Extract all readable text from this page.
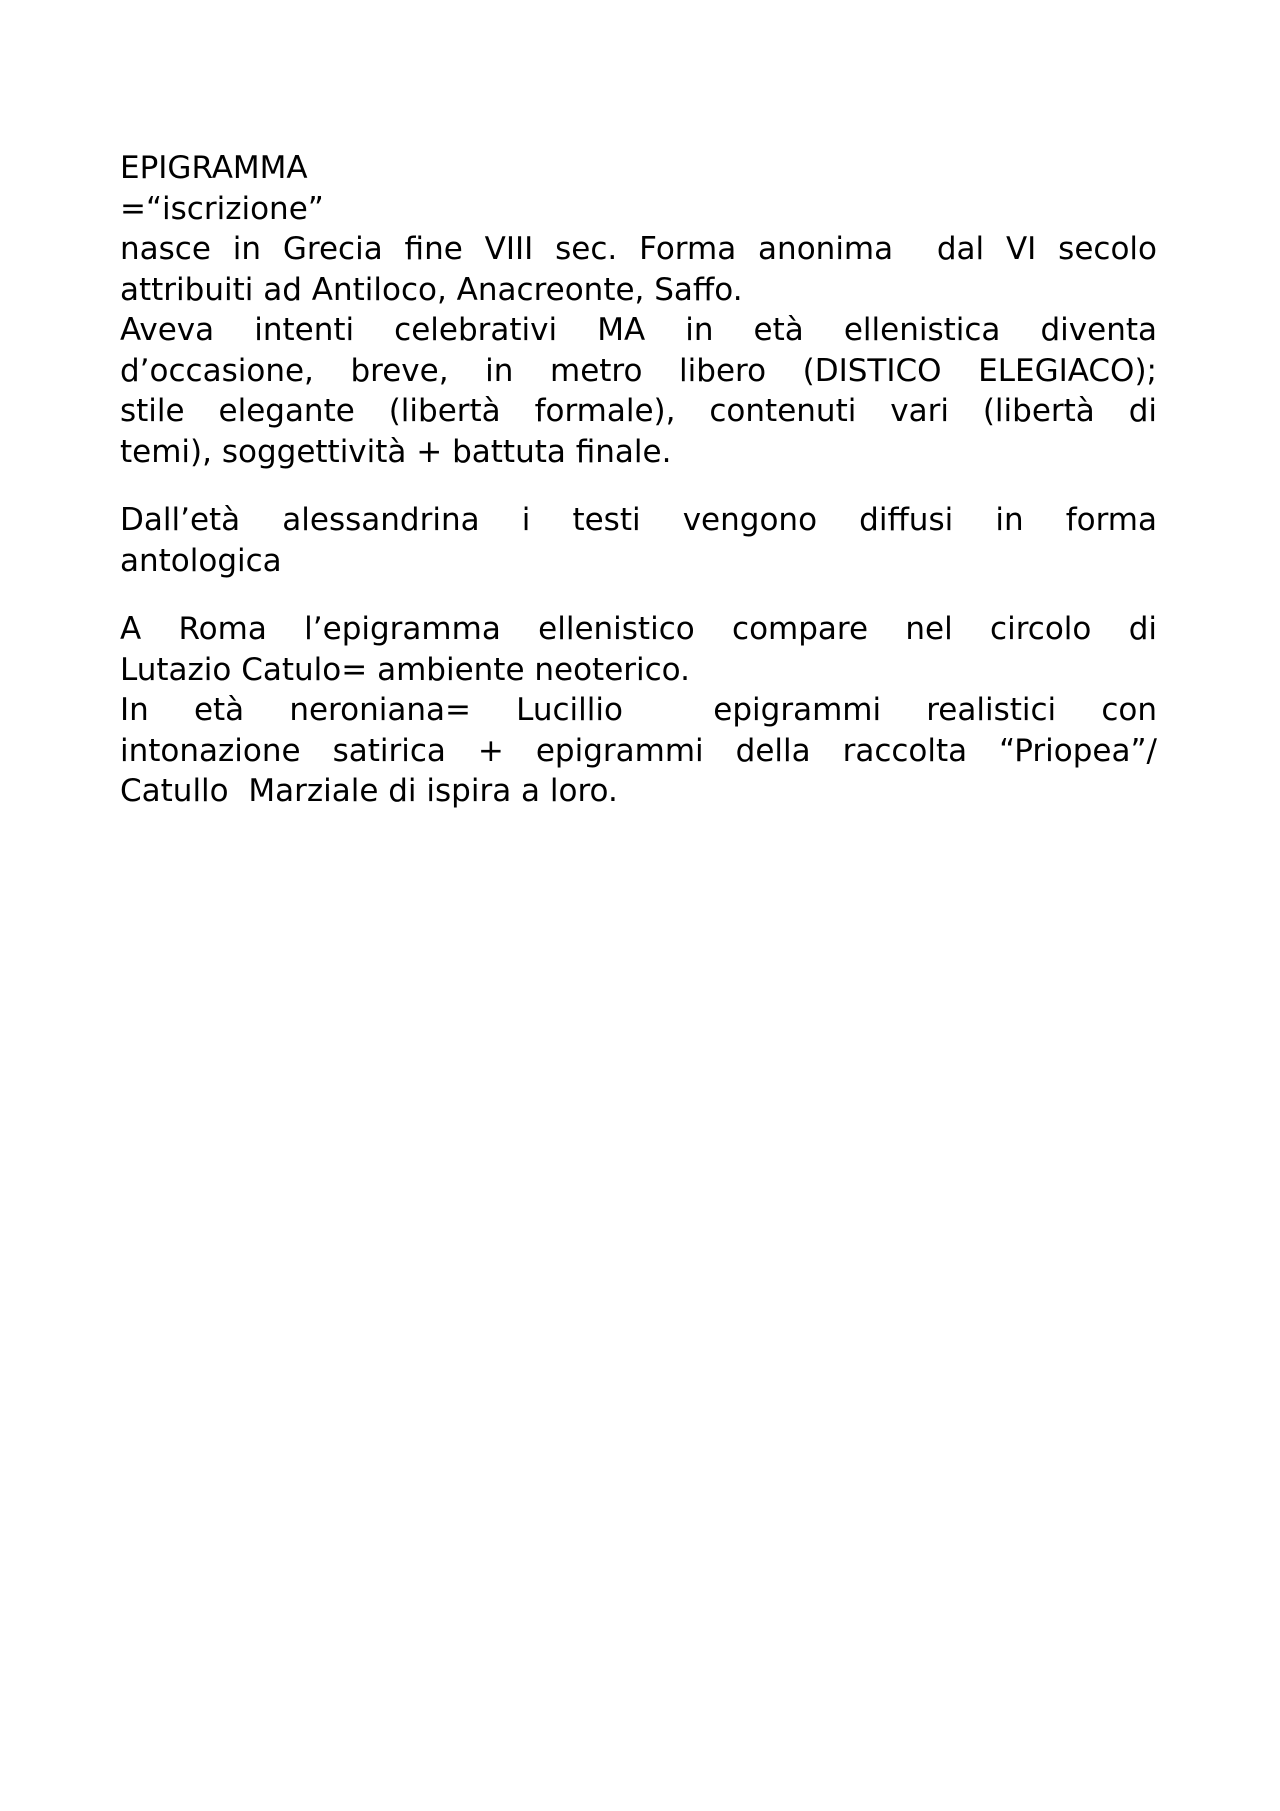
EPIGRAMMA
=“iscrizione”
nasce in Grecia fine VIII sec. Forma anonima  dal VI secolo
attribuiti ad Antiloco, Anacreonte, Saffo.
Aveva intenti celebrativi MA in età ellenistica diventa
d’occasione, breve, in metro libero (DISTICO ELEGIACO);
stile elegante (libertà formale), contenuti vari (libertà di
temi), soggettività + battuta finale.
Dall’età alessandrina i testi vengono diffusi in forma
antologica
A Roma l’epigramma ellenistico compare nel circolo di
Lutazio Catulo= ambiente neoterico.
In età neroniana= Lucillio  epigrammi realistici con
intonazione satirica + epigrammi della raccolta “Priopea”/
Catullo  Marziale di ispira a loro.
